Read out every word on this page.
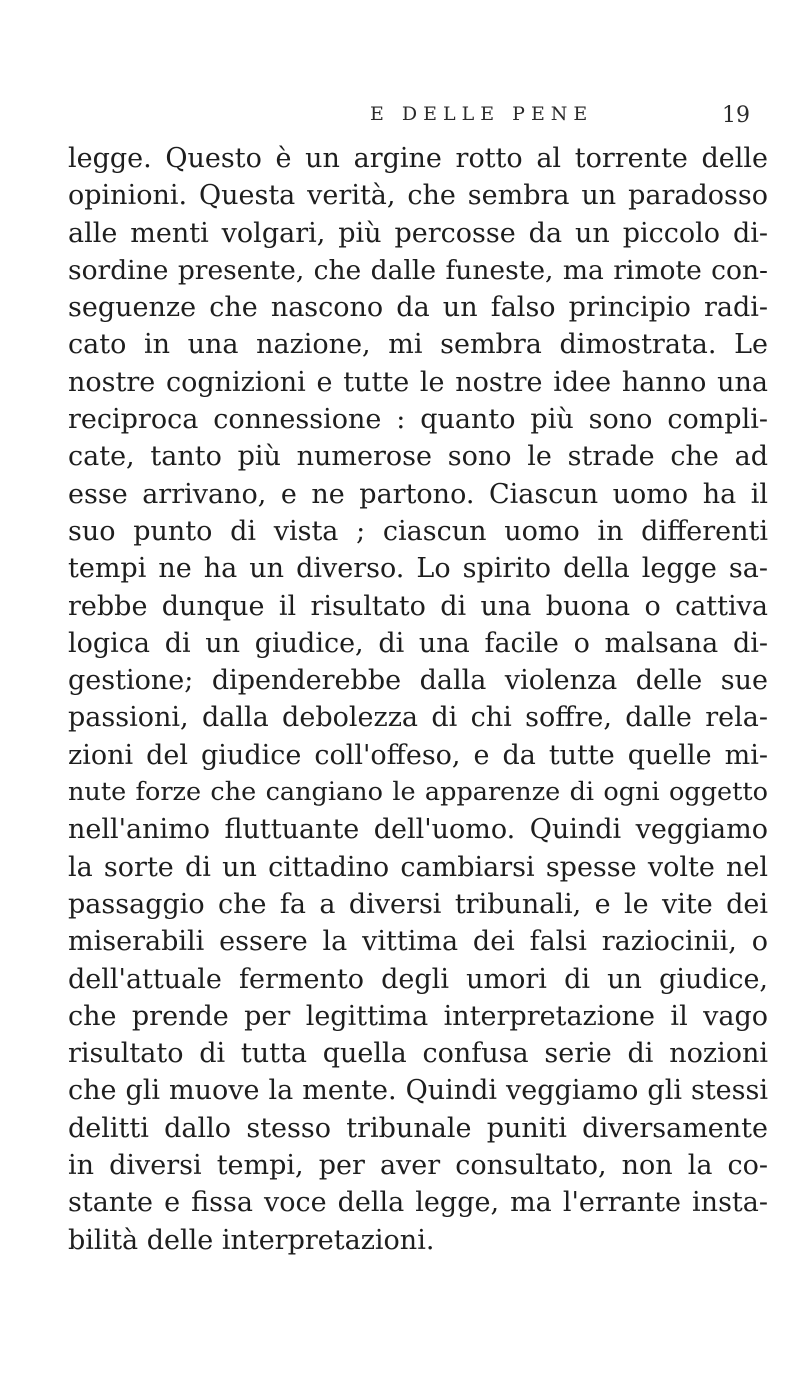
E DELLE PENE	19
legge. Questo è un argine rotto al torrente delle
opinioni. Questa verità, che sembra un paradosso
alle menti volgari, più percosse da un piccolo di-
sordine presente, che dalle funeste, ma rimote con-
seguenze che nascono da un falso principio radi-
cato in una nazione, mi sembra dimostrata. Le
nostre cognizioni e tutte le nostre idee hanno una
reciproca connessione : quanto più sono compli-
cate, tanto più numerose sono le strade che ad
esse arrivano, e ne partono. Ciascun uomo ha il
suo punto di vista ; ciascun uomo in differenti
tempi ne ha un diverso. Lo spirito della legge sa-
rebbe dunque il risultato di una buona o cattiva
logica di un giudice, di una facile o malsana di-
gestione; dipenderebbe dalla violenza delle sue
passioni, dalla debolezza di chi soffre, dalle rela-
zioni del giudice coll'offeso, e da tutte quelle mi-
nute forze che cangiano le apparenze di ogni oggetto
nell'animo fluttuante dell'uomo. Quindi veggiamo
la sorte di un cittadino cambiarsi spesse volte nel
passaggio che fa a diversi tribunali, e le vite dei
miserabili essere la vittima dei falsi raziocinii, o
dell'attuale fermento degli umori di un giudice,
che prende per legittima interpretazione il vago
risultato di tutta quella confusa serie di nozioni
che gli muove la mente. Quindi veggiamo gli stessi
delitti dallo stesso tribunale puniti diversamente
in diversi tempi, per aver consultato, non la co-
stante e fissa voce della legge, ma l'errante insta-
bilità delle interpretazioni.
